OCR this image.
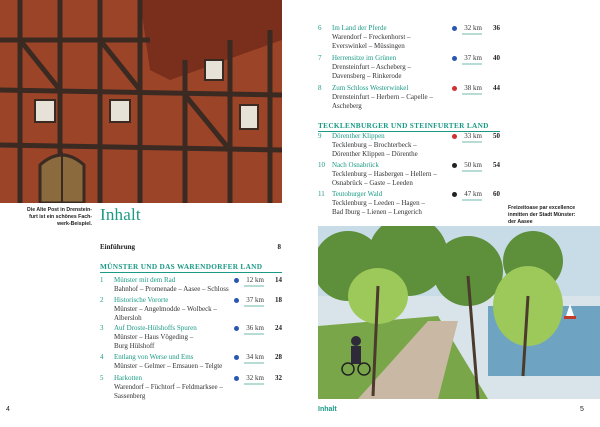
Die Alte Post in Drenstein-
furt ist ein schönes Fach-
werk-Beispiel. Inhalt
Einführung	8
MÜNSTER UND DAS WARENDORFER LAND
TECKLENBURGER UND STEINFURTER LAND
1 Münster mit dem Rad
Bahnhof – Promenade – Aasee – Schloss
12 km	14
2 Historische Vororte
Münster – Angelmodde – Wolbeck –
Albersloh
37 km	18
3 Auf Droste-Hülshoffs Spuren
Münster – Haus Vögeding –
Burg Hülshoff
36 km	24
4 Entlang von Werse und Ems
Münster – Gelmer – Emsauen – Telgte
34 km	28
5 Harkotten
Warendorf – Füchtorf – Feldmarksee –
Sassenberg
32 km	32
6 Im Land der Pferde
Warendorf – Freckenhorst –
Everswinkel – Müssingen
32 km	36
7 Herrensitze im Grünen
Drensteinfurt – Ascheberg –
Davensberg – Rinkerode
37 km	40
8 Zum Schloss Westerwinkel
Drensteinfurt – Herbern – Capelle –
Ascheberg
38 km	44
9 Dörenther Klippen
Tecklenburg – Brochterbeck –
Dörenther Klippen – Dörenthe
33 km	50
10 Nach Osnabrück
Tecklenburg – Hasbergen – Hellern –
Osnabrück – Gaste – Leeden
50 km	54
11 Teutoburger Wald
Tecklenburg – Leeden – Hagen –
Bad Iburg – Lienen – Lengerich
47 km	60
Freizeitoase par excellence
inmitten der Stadt Münster:
der Aasee
4	Inhalt	5
